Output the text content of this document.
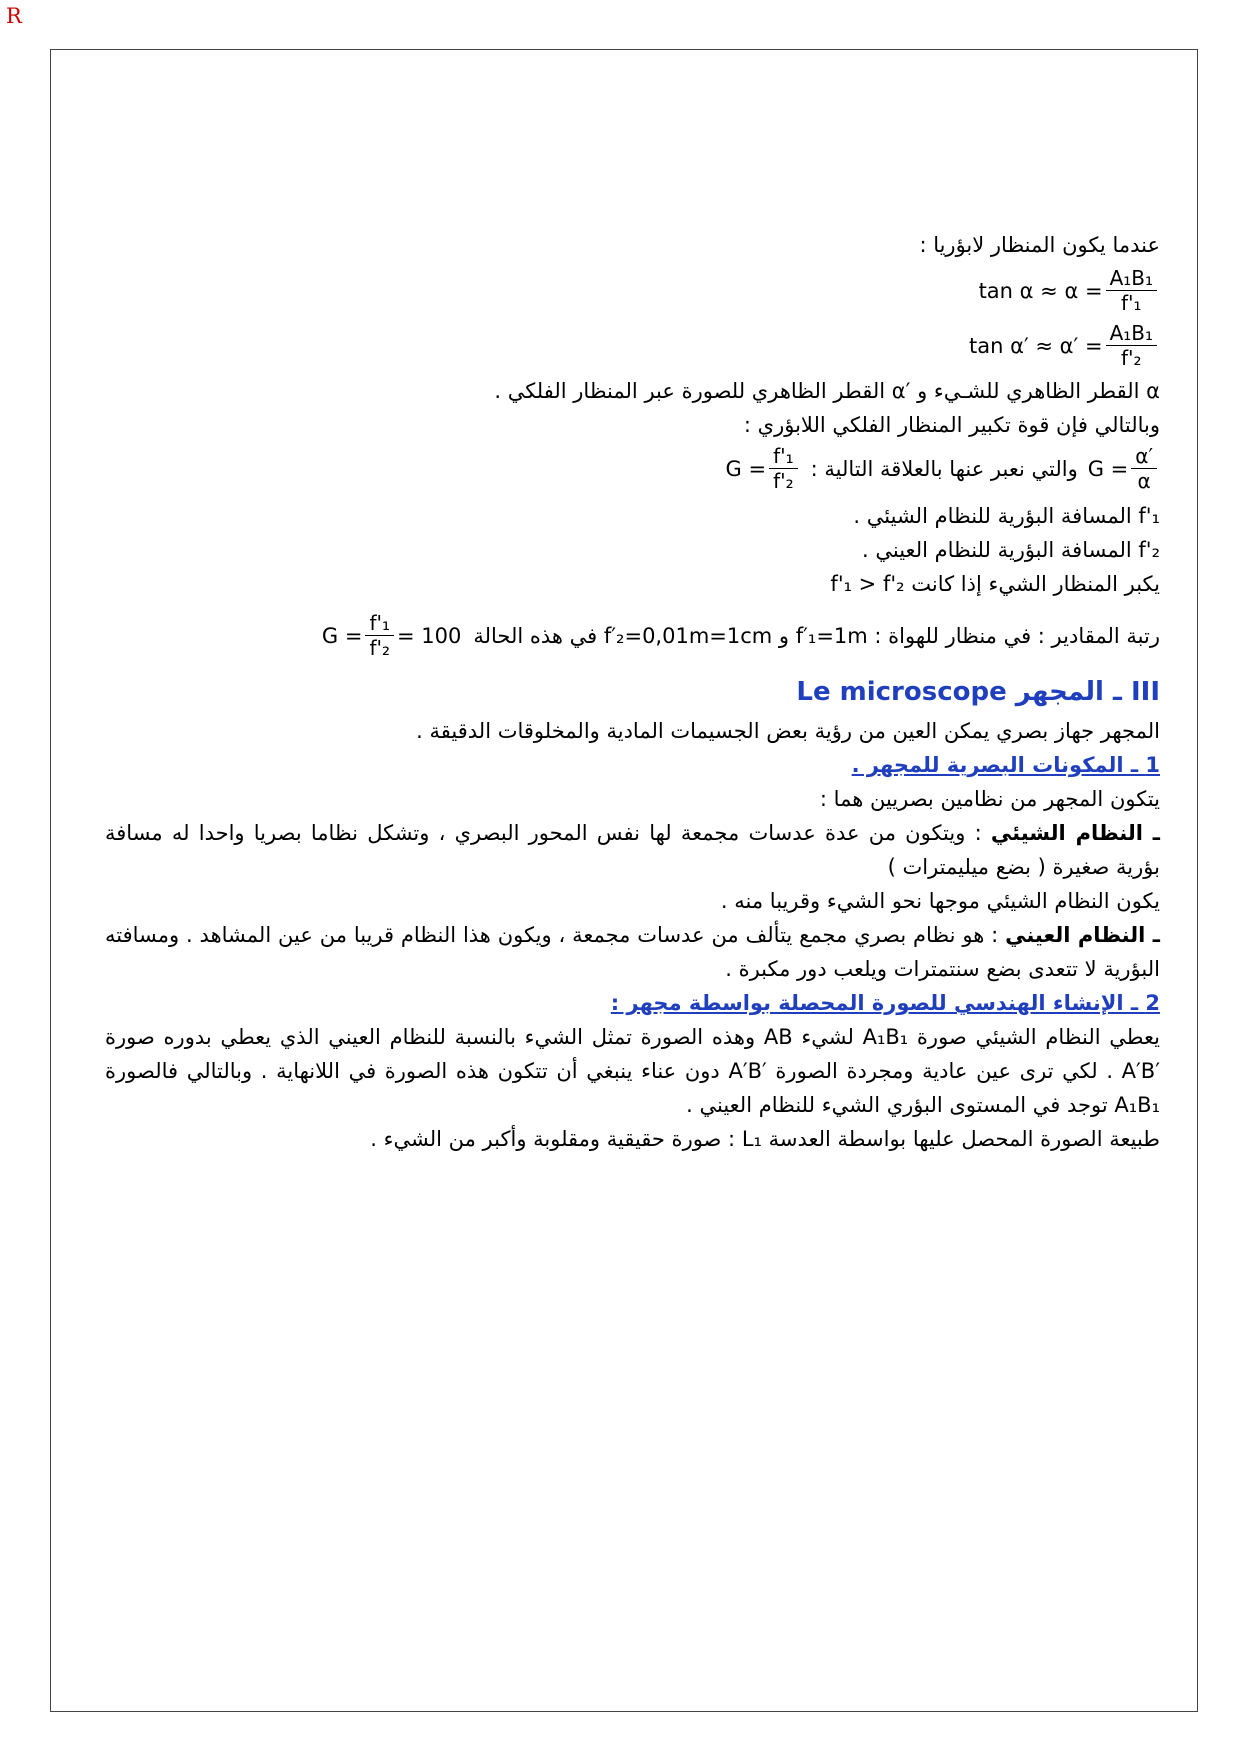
R
عندما يكون المنظار لابؤريا :
$\tan \alpha \approx \alpha = \frac{\text{A₁B₁}}{\text{f'₁}}$
$\tan \alpha' \approx \alpha' = \frac{\text{A₁B₁}}{\text{f'₂}}$
α القطر الظاهري للشـيء و ′α القطر الظاهري للصورة عبر المنظار الفلكي .
وبالتالي فإن قوة تكبير المنظار الفلكي اللابؤري :
$G = \frac{\text{f'₁}}{\text{f'₂}}$ والتي نعبر عنها بالعلاقة التالية : $G = \frac{\alpha'}{\alpha}$
f'₁ المسافة البؤرية للنظام الشيئي .
f'₂ المسافة البؤرية للنظام العيني .
يكبر المنظار الشيء إذا كانت f'₁ > f'₂
$G = \frac{\text{f'₁}}{\text{f'₂}} = 100$ رتبة المقادير : في منظار للهواة : f′₁=1m و f′₂=0,01m=1cm في هذه الحالة
III ـ المجهر Le microscope
المجهر جهاز بصري يمكن العين من رؤية بعض الجسيمات المادية والمخلوقات الدقيقة .
1 ـ المكونات البصرية للمجهر .
يتكون المجهر من نظامين بصريين هما :
ـ النظام الشيئي : ويتكون من عدة عدسات مجمعة لها نفس المحور البصري ، وتشكل نظاما بصريا واحدا له مسافة بؤرية صغيرة ( بضع ميليمترات )
يكون النظام الشيئي موجها نحو الشيء وقريبا منه .
ـ النظام العيني : هو نظام بصري مجمع يتألف من عدسات مجمعة ، ويكون هذا النظام قريبا من عين المشاهد . ومسافته البؤرية لا تتعدى بضع سنتمترات ويلعب دور مكبرة .
2 ـ الإنشاء الهندسي للصورة المحصلة بواسطة مجهر :
يعطي النظام الشيئي صورة A₁B₁ لشيء AB وهذه الصورة تمثل الشيء بالنسبة للنظام العيني الذي يعطي بدوره صورة ′A′B . لكي ترى عين عادية ومجردة الصورة ′A′B دون عناء ينبغي أن تتكون هذه الصورة في اللانهاية . وبالتالي فالصورة A₁B₁ توجد في المستوى البؤري الشيء للنظام العيني .
طبيعة الصورة المحصل عليها بواسطة العدسة L₁ : صورة حقيقية ومقلوبة وأكبر من الشيء .
